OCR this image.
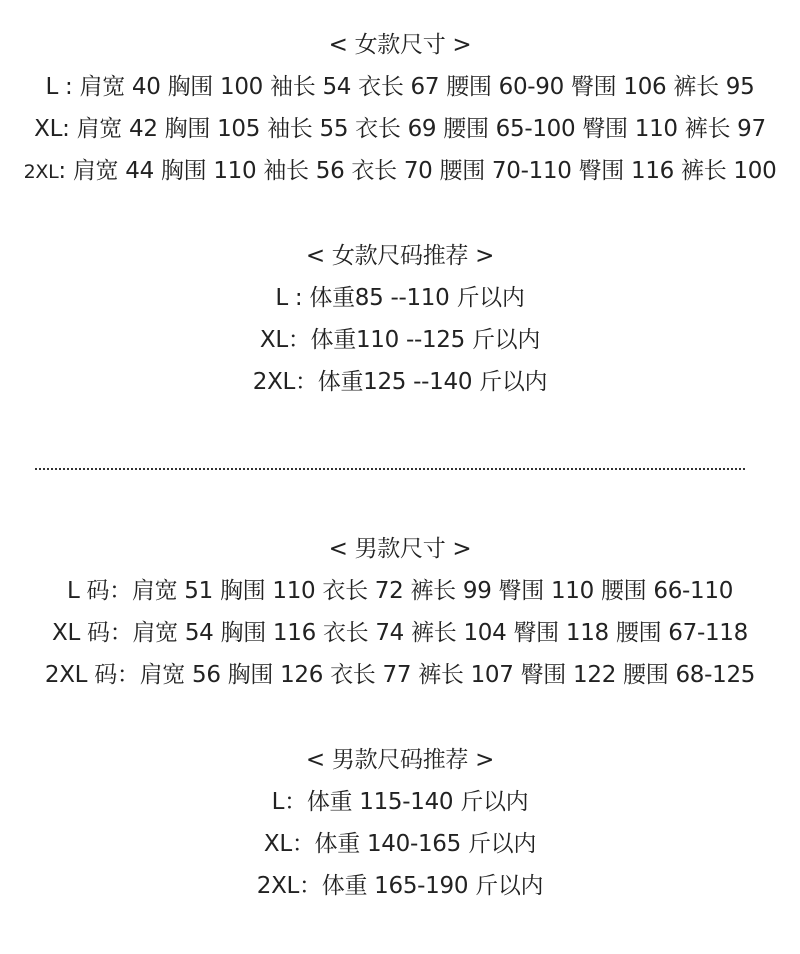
< 女款尺寸 >
L : 肩宽 40 胸围 100 袖长 54 衣长 67 腰围 60-90 臀围 106 裤长 95
XL: 肩宽 42 胸围 105 袖长 55 衣长 69 腰围 65-100 臀围 110 裤长 97
2XL: 肩宽 44 胸围 110 袖长 56 衣长 70 腰围 70-110 臀围 116 裤长 100
< 女款尺码推荐 >
L : 体重85 --110 斤以内
XL：体重110 --125 斤以内
2XL：体重125 --140 斤以内
< 男款尺寸 >
L 码：肩宽 51 胸围 110 衣长 72 裤长 99 臀围 110 腰围 66-110
XL 码：肩宽 54 胸围 116 衣长 74 裤长 104 臀围 118 腰围 67-118
2XL 码：肩宽 56 胸围 126 衣长 77 裤长 107 臀围 122 腰围 68-125
< 男款尺码推荐 >
L：体重 115-140 斤以内
XL：体重 140-165 斤以内
2XL：体重 165-190 斤以内
